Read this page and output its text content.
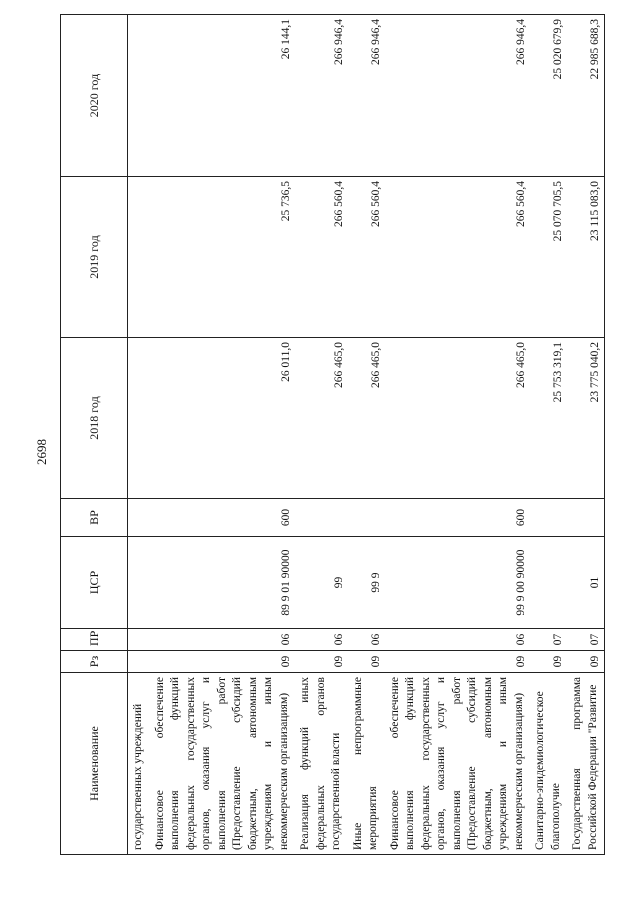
2698
Наименование	Рз	ПР	ЦСР	ВР	2018 год	2019 год	2020 год
государственных учреждений							
Финансовое обеспечение выполнения функций федеральных государственных органов, оказания услуг и выполнения работ (Предоставление субсидий бюджетным, автономным учреждениям и иным некоммерческим организациям)	09	06	89 9 01 90000	600	26 011,0	25 736,5	26 144,1
Реализация функций иных федеральных органов государственной власти	09	06	99		266 465,0	266 560,4	266 946,4
Иные непрограммные мероприятия	09	06	99 9		266 465,0	266 560,4	266 946,4
Финансовое обеспечение выполнения функций федеральных государственных органов, оказания услуг и выполнения работ (Предоставление субсидий бюджетным, автономным учреждениям и иным некоммерческим организациям)	09	06	99 9 00 90000	600	266 465,0	266 560,4	266 946,4
Санитарно-эпидемиологическое благополучие	09	07			25 753 319,1	25 070 705,5	25 020 679,9
Государственная программа Российской Федерации "Развитие	09	07	01		23 775 040,2	23 115 083,0	22 985 688,3
